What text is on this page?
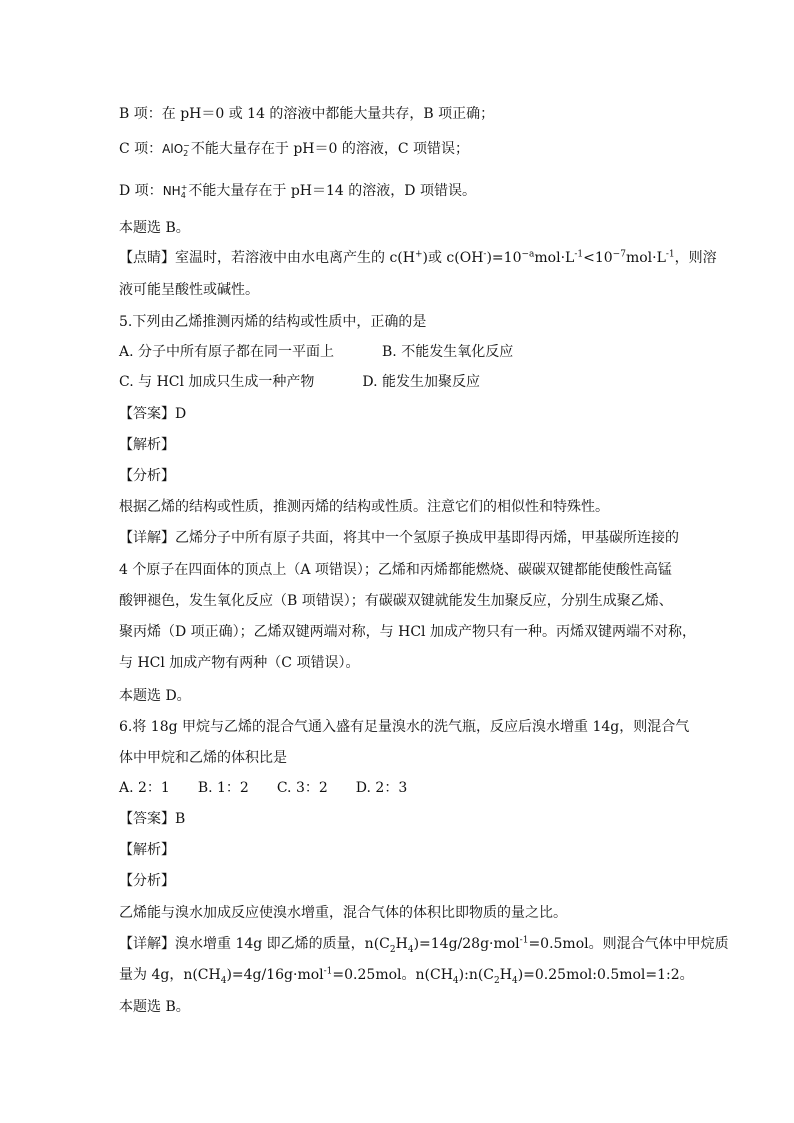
B 项：在 pH＝0 或 14 的溶液中都能大量共存，B 项正确；
C 项：AlO −
2 不能大量存在于 pH＝0 的溶液，C 项错误；
D 项：NH +
4 不能大量存在于 pH＝14 的溶液，D 项错误。
本题选 B。
【点睛】室温时，若溶液中由水电离产生的 c(H+)或 $c(OH^-)=10^{-a}mol\cdot L^{-1}<10^{-7}mol\cdot L^{-1}$，则溶
液可能呈酸性或碱性。
5.下列由乙烯推测丙烯的结构或性质中，正确的是
A. 分子中所有原子都在同一平面上	B. 不能发生氧化反应
C. 与 HCl 加成只生成一种产物	D. 能发生加聚反应
【答案】D
【解析】
【分析】
根据乙烯的结构或性质，推测丙烯的结构或性质。注意它们的相似性和特殊性。
【详解】乙烯分子中所有原子共面，将其中一个氢原子换成甲基即得丙烯，甲基碳所连接的
4 个原子在四面体的顶点上（A 项错误）；乙烯和丙烯都能燃烧、碳碳双键都能使酸性高锰
酸钾褪色，发生氧化反应（B 项错误）；有碳碳双键就能发生加聚反应，分别生成聚乙烯、
聚丙烯（D 项正确）；乙烯双键两端对称，与 HCl 加成产物只有一种。丙烯双键两端不对称，
与 HCl 加成产物有两种（C 项错误）。
本题选 D。
6.将 18g 甲烷与乙烯的混合气通入盛有足量溴水的洗气瓶，反应后溴水增重 14g，则混合气
体中甲烷和乙烯的体积比是
A. 2：1 B. 1：2 C. 3：2 D. 2：3
【答案】B
【解析】
【分析】
乙烯能与溴水加成反应使溴水增重，混合气体的体积比即物质的量之比。
【详解】溴水增重 14g 即乙烯的质量，$n(C_2H_4)=14g/28g\cdot mol^{-1}=0.5mol$。则混合气体中甲烷质
量为 4g，$n(CH_4)=4g/16g\cdot mol^{-1}=0.25mol$。$n(CH_4):n(C_2H_4)=0.25mol:0.5mol=1:2$。
本题选 B。
